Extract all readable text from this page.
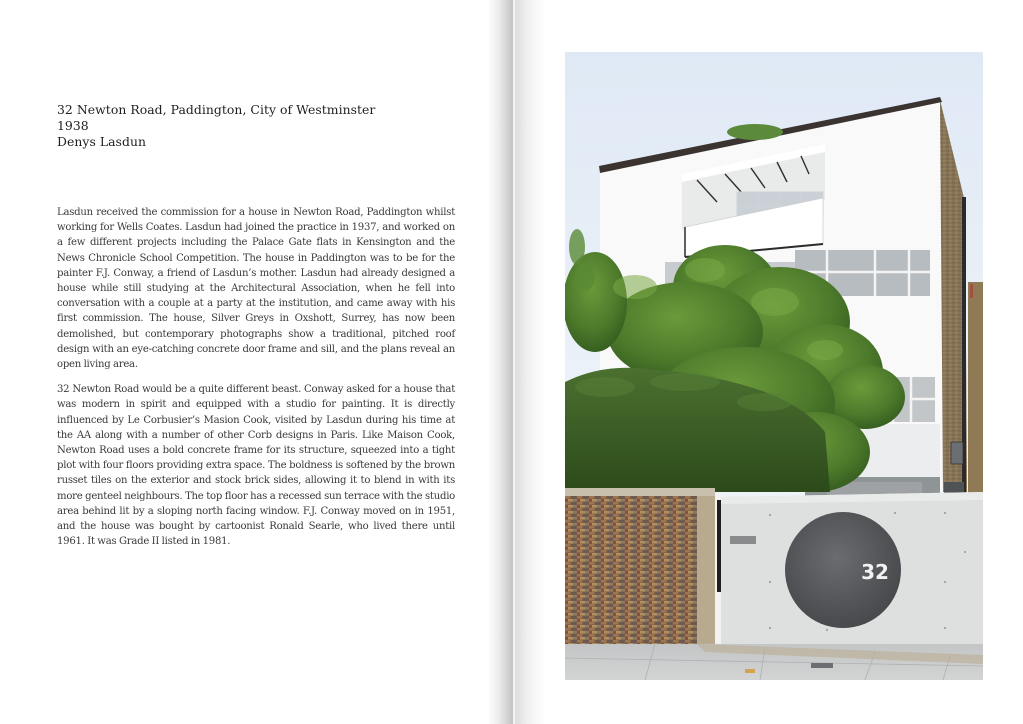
32 Newton Road, Paddington, City of Westminster
1938
Denys Lasdun

Lasdun received the commission for a house in Newton Road, Paddington whilst working for Wells Coates. Lasdun had joined the practice in 1937, and worked on a few different projects including the Palace Gate flats in Kensington and the News Chronicle School Competition. The house in Paddington was to be for the painter F.J. Conway, a friend of Lasdun’s mother. Lasdun had already designed a house while still studying at the Architectural Association, when he fell into conversation with a couple at a party at the institution, and came away with his first commission. The house, Silver Greys in Oxshott, Surrey, has now been demolished, but contemporary photographs show a traditional, pitched roof design with an eye-catching concrete door frame and sill, and the plans reveal an open living area.

32 Newton Road would be a quite different beast. Conway asked for a house that was modern in spirit and equipped with a studio for painting. It is directly influenced by Le Corbusier’s Masion Cook, visited by Lasdun during his time at the AA along with a number of other Corb designs in Paris. Like Maison Cook, Newton Road uses a bold concrete frame for its structure, squeezed into a tight plot with four floors providing extra space. The boldness is softened by the brown russet tiles on the exterior and stock brick sides, allowing it to blend in with its more genteel neighbours. The top floor has a recessed sun terrace with the studio area behind lit by a sloping north facing window. F.J. Conway moved on in 1951, and the house was bought by cartoonist Ronald Searle, who lived there until 1961. It was Grade II listed in 1981.

32
